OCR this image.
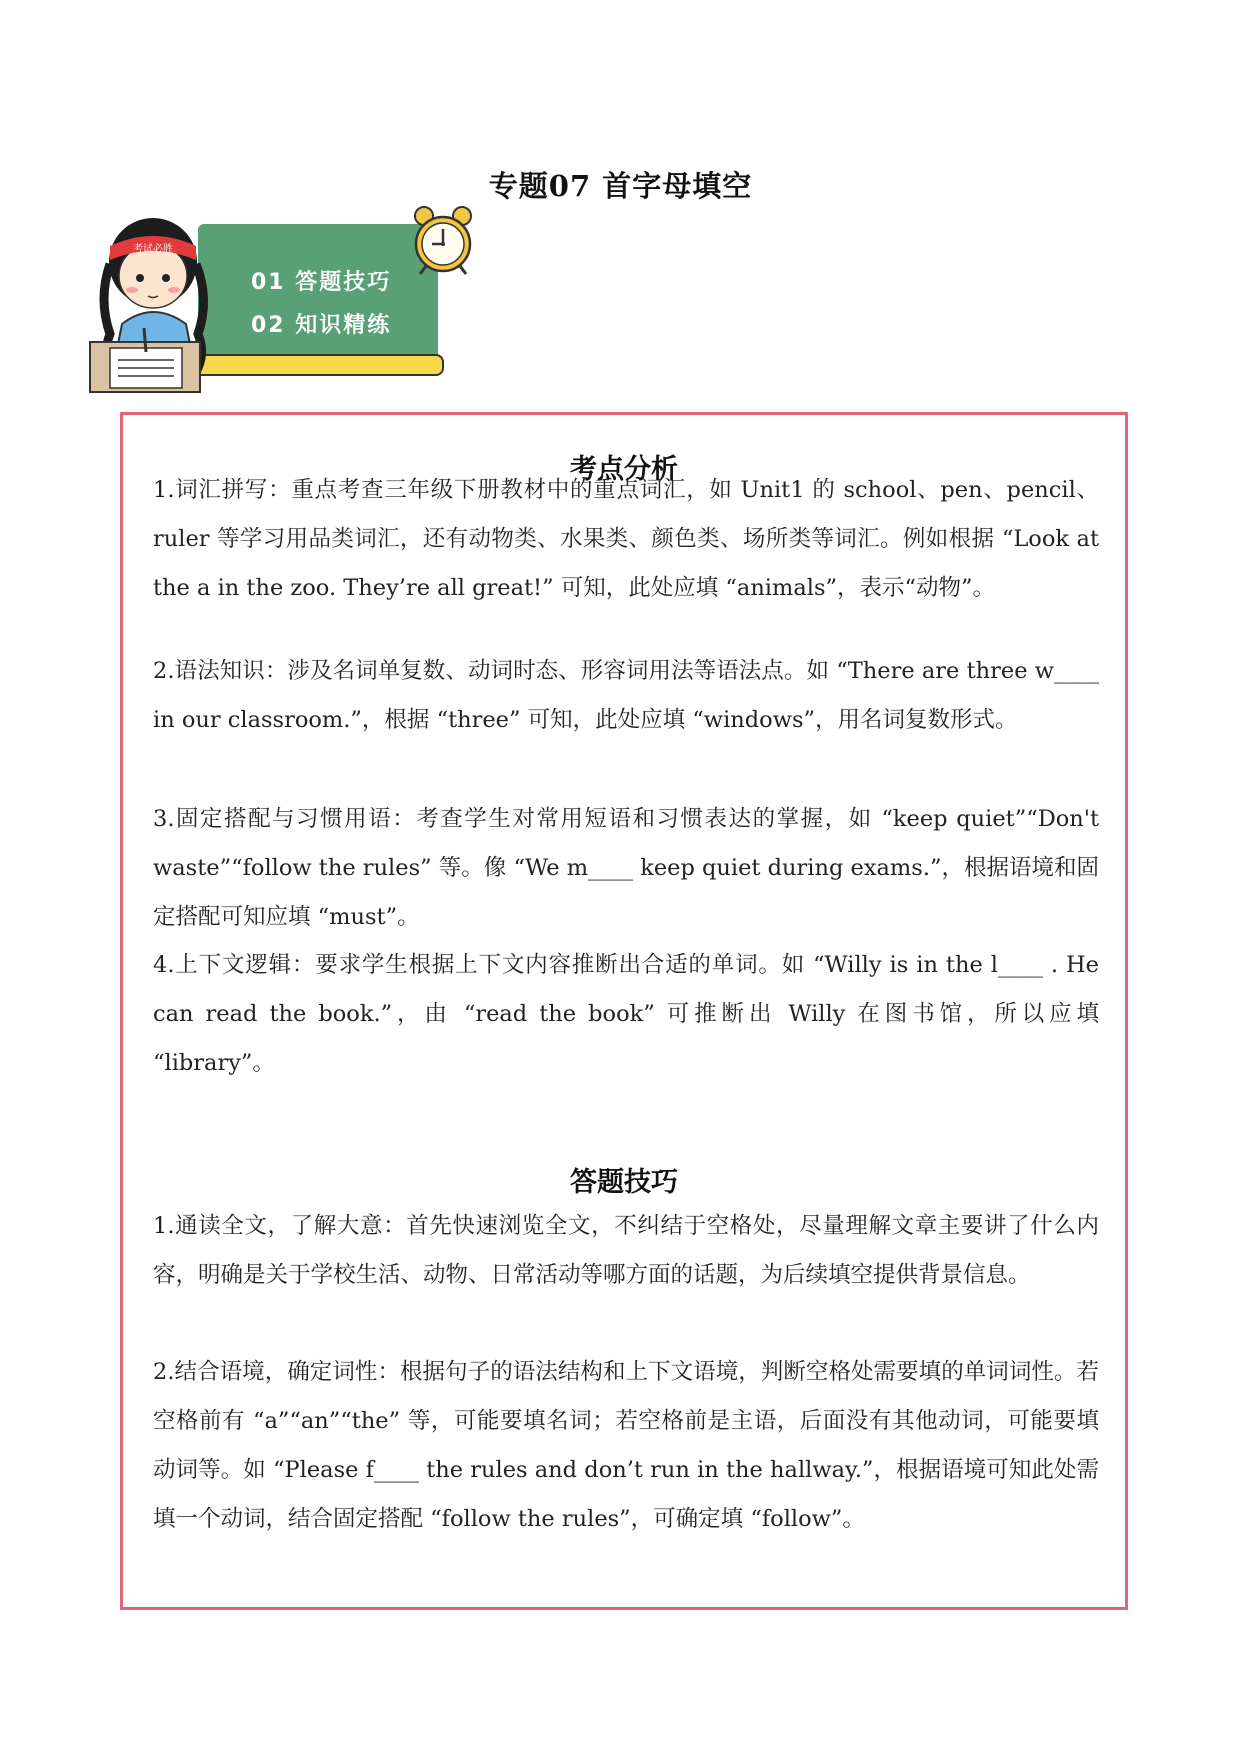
专题07 首字母填空
01 答题技巧
02 知识精练
考试必胜
考点分析
1.词汇拼写：重点考查三年级下册教材中的重点词汇，如 Unit1 的 school、pen、pencil、ruler 等学习用品类词汇，还有动物类、水果类、颜色类、场所类等词汇。例如根据 “Look at the a in the zoo. They’re all great!” 可知，此处应填 “animals”，表示“动物”。
2.语法知识：涉及名词单复数、动词时态、形容词用法等语法点。如 “There are three w____ in our classroom.”，根据 “three” 可知，此处应填 “windows”，用名词复数形式。
3.固定搭配与习惯用语：考查学生对常用短语和习惯表达的掌握，如 “keep quiet”“Don't waste”“follow the rules” 等。像 “We m____ keep quiet during exams.”，根据语境和固定搭配可知应填 “must”。
4.上下文逻辑：要求学生根据上下文内容推断出合适的单词。如 “Willy is in the l____ . He can read the book.”，由 “read the book” 可推断出 Willy 在图书馆，所以应填 “library”。
答题技巧
1.通读全文，了解大意：首先快速浏览全文，不纠结于空格处，尽量理解文章主要讲了什么内容，明确是关于学校生活、动物、日常活动等哪方面的话题，为后续填空提供背景信息。
2.结合语境，确定词性：根据句子的语法结构和上下文语境，判断空格处需要填的单词词性。若空格前有 “a”“an”“the” 等，可能要填名词；若空格前是主语，后面没有其他动词，可能要填动词等。如 “Please f____ the rules and don’t run in the hallway.”，根据语境可知此处需填一个动词，结合固定搭配 “follow the rules”，可确定填 “follow”。
